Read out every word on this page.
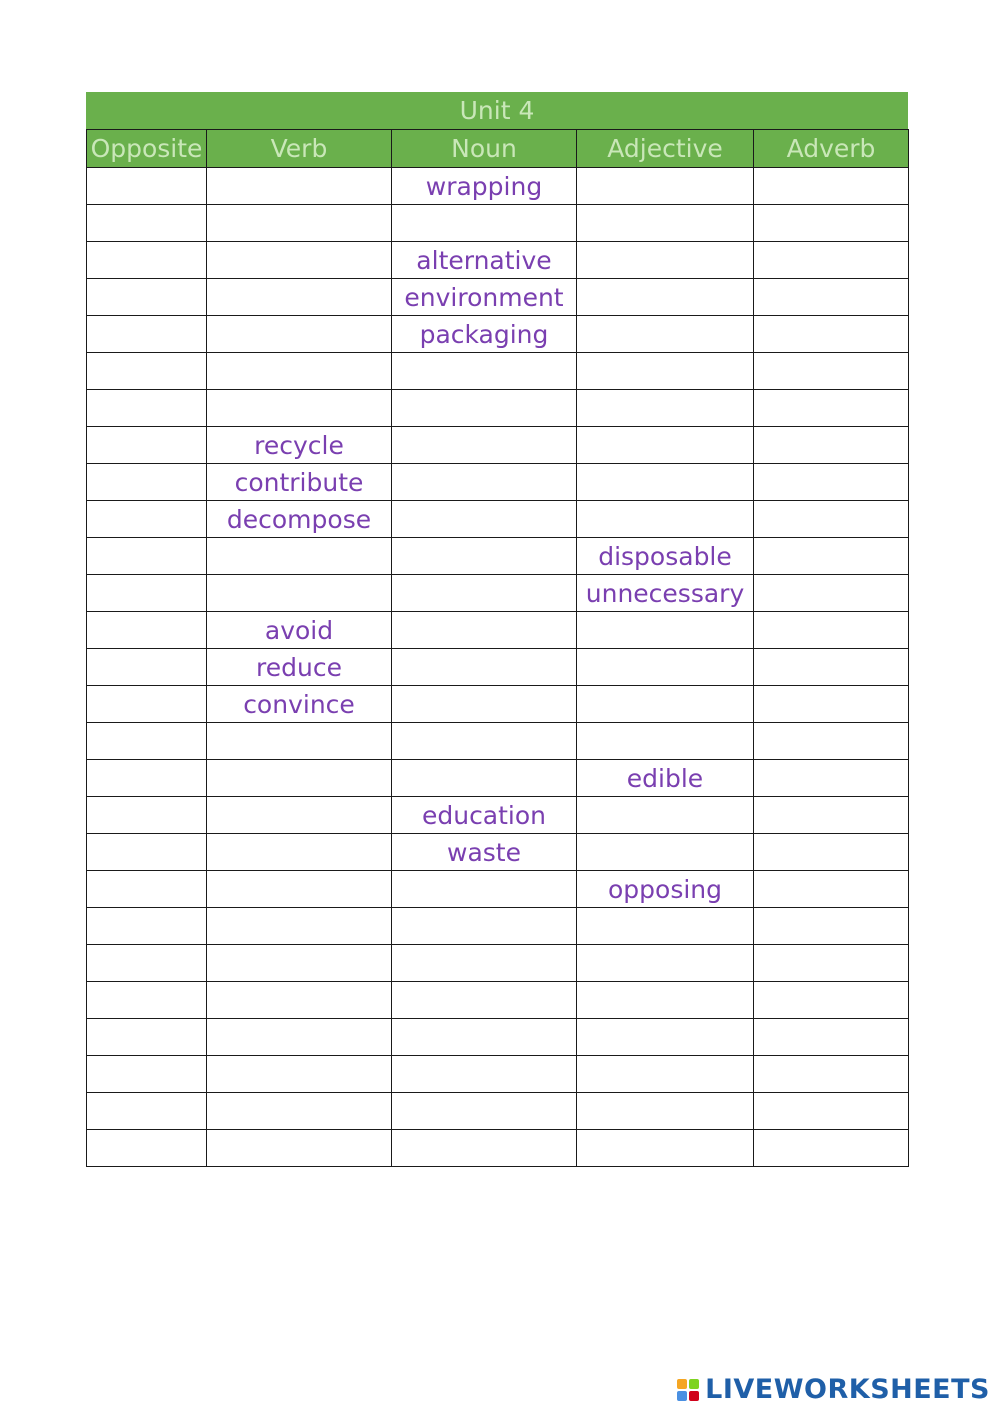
Unit 4
Opposite	Verb	Noun	Adjective	Adverb
		wrapping		

		alternative		
		environment		
		packaging		

	recycle			
	contribute			
	decompose			
			disposable	
			unnecessary	
	avoid			
	reduce			
	convince			

			edible	
		education		
		waste		
			opposing	

LIVEWORKSHEETS
